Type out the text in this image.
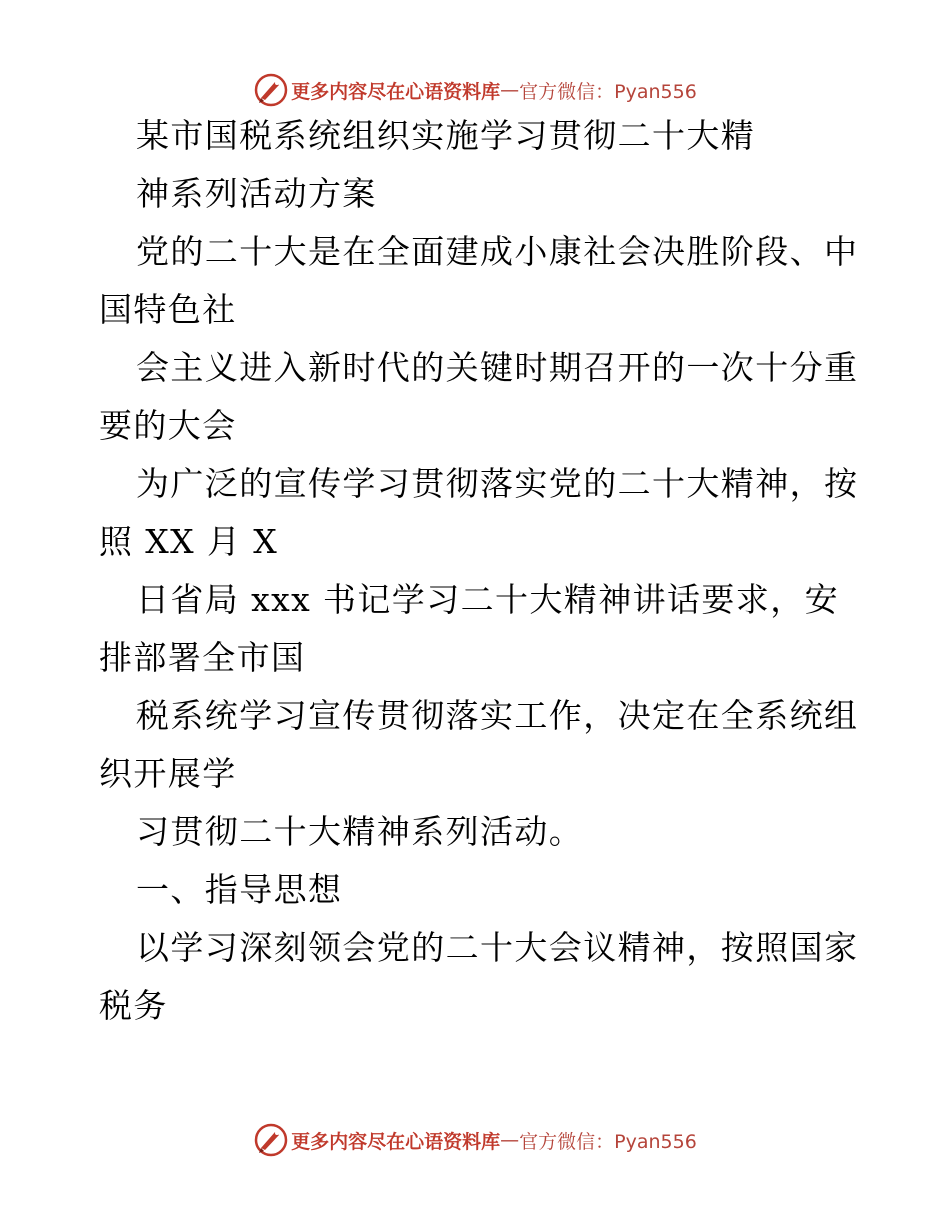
更多内容尽在心语资料库 — 官方微信：Pyan556
某市国税系统组织实施学习贯彻二十大精
神系列活动方案
党的二十大是在全面建成小康社会决胜阶段、中
国特色社
会主义进入新时代的关键时期召开的一次十分重
要的大会
为广泛的宣传学习贯彻落实党的二十大精神，按
照 XX 月 X
日省局 xxx 书记学习二十大精神讲话要求，安
排部署全市国
税系统学习宣传贯彻落实工作，决定在全系统组
织开展学
习贯彻二十大精神系列活动。
一、指导思想
以学习深刻领会党的二十大会议精神，按照国家
税务
更多内容尽在心语资料库 — 官方微信：Pyan556
